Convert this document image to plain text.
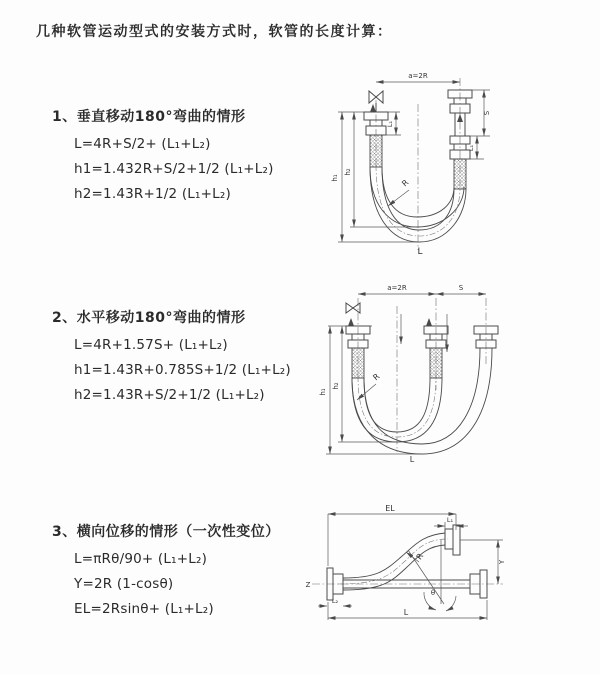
几种软管运动型式的安装方式时，软管的长度计算：
1、垂直移动180°弯曲的情形
L=4R+S/2+ (L₁+L₂)
h1=1.432R+S/2+1/2 (L₁+L₂)
h2=1.43R+1/2 (L₁+L₂)
2、水平移动180°弯曲的情形
L=4R+1.57S+ (L₁+L₂)
h1=1.43R+0.785S+1/2 (L₁+L₂)
h2=1.43R+S/2+1/2 (L₁+L₂)
3、横向位移的情形（一次性变位）
L=πRθ/90+ (L₁+L₂)
Y=2R (1-cosθ)
EL=2Rsinθ+ (L₁+L₂)
a=2R
h₁
h₂
L₁
S
L₁
R
L
a=2R	S
h₁
h₂
R
L
Z
EL
L₁
L₂
Y
θ
R
L
